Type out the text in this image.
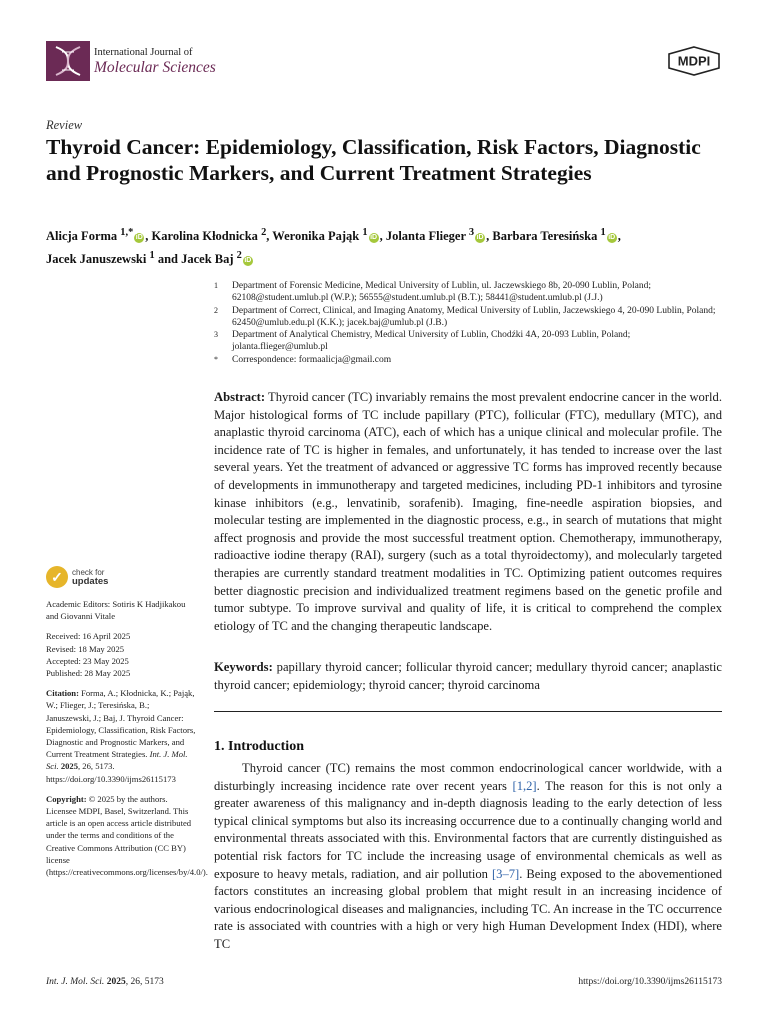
International Journal of
Molecular Sciences	MDPI
Review
Thyroid Cancer: Epidemiology, Classification, Risk Factors, Diagnostic and Prognostic Markers, and Current Treatment Strategies
Alicja Forma $^{1,*}$ iD , Karolina Kłodnicka $^2$, Weronika Pająk $^1$ iD , Jolanta Flieger $^3$ iD , Barbara Teresińska $^1$ iD ,
Jacek Januszewski $^1$ and Jacek Baj $^2$ iD
1	Department of Forensic Medicine, Medical University of Lublin, ul. Jaczewskiego 8b, 20-090 Lublin, Poland; 62108@student.umlub.pl (W.P.); 56555@student.umlub.pl (B.T.); 58441@student.umlub.pl (J.J.)
2	Department of Correct, Clinical, and Imaging Anatomy, Medical University of Lublin, Jaczewskiego 4, 20-090 Lublin, Poland; 62450@umlub.edu.pl (K.K.); jacek.baj@umlub.pl (J.B.)
3	Department of Analytical Chemistry, Medical University of Lublin, Chodźki 4A, 20-093 Lublin, Poland; jolanta.flieger@umlub.pl
*	Correspondence: formaalicja@gmail.com
Abstract: Thyroid cancer (TC) invariably remains the most prevalent endocrine cancer in the world. Major histological forms of TC include papillary (PTC), follicular (FTC), medullary (MTC), and anaplastic thyroid carcinoma (ATC), each of which has a unique clinical and molecular profile. The incidence rate of TC is higher in females, and unfortunately, it has tended to increase over the last several years. Yet the treatment of advanced or aggressive TC forms has improved recently because of developments in immunotherapy and targeted medicines, including PD-1 inhibitors and tyrosine kinase inhibitors (e.g., lenvatinib, sorafenib). Imaging, fine-needle aspiration biopsies, and molecular testing are implemented in the diagnostic process, e.g., in search of mutations that might affect prognosis and provide the most successful treatment option. Chemotherapy, immunotherapy, radioactive iodine therapy (RAI), surgery (such as a total thyroidectomy), and molecularly targeted therapies are currently standard treatment modalities in TC. Optimizing patient outcomes requires better diagnostic precision and individualized treatment regimens based on the genetic profile and tumor subtype. To improve survival and quality of life, it is critical to comprehend the complex etiology of TC and the changing therapeutic landscape.
Keywords: papillary thyroid cancer; follicular thyroid cancer; medullary thyroid cancer; anaplastic thyroid cancer; epidemiology; thyroid cancer; thyroid carcinoma
1. Introduction
Thyroid cancer (TC) remains the most common endocrinological cancer worldwide, with a disturbingly increasing incidence rate over recent years [1,2]. The reason for this is not only a greater awareness of this malignancy and in-depth diagnosis leading to the early detection of less typical clinical symptoms but also its increasing occurrence due to a continually changing world and environmental threats associated with this. Environmental factors that are currently distinguished as potential risk factors for TC include the increasing usage of environmental chemicals as well as exposure to heavy metals, radiation, and air pollution [3–7]. Being exposed to the abovementioned factors constitutes an increasing global problem that might result in an increasing incidence of various endocrinological diseases and malignancies, including TC. An increase in the TC occurrence rate is associated with countries with a high or very high Human Development Index (HDI), where TC
✓	check for
updates
Academic Editors: Sotiris K Hadjikakou and Giovanni Vitale
Received: 16 April 2025
Revised: 18 May 2025
Accepted: 23 May 2025
Published: 28 May 2025
Citation: Forma, A.; Kłodnicka, K.; Pająk, W.; Flieger, J.; Teresińska, B.; Januszewski, J.; Baj, J. Thyroid Cancer: Epidemiology, Classification, Risk Factors, Diagnostic and Prognostic Markers, and Current Treatment Strategies. Int. J. Mol. Sci. 2025, 26, 5173. https://doi.org/10.3390/ijms26115173
Copyright: © 2025 by the authors. Licensee MDPI, Basel, Switzerland. This article is an open access article distributed under the terms and conditions of the Creative Commons Attribution (CC BY) license (https://creativecommons.org/licenses/by/4.0/).
Int. J. Mol. Sci. 2025, 26, 5173	https://doi.org/10.3390/ijms26115173
